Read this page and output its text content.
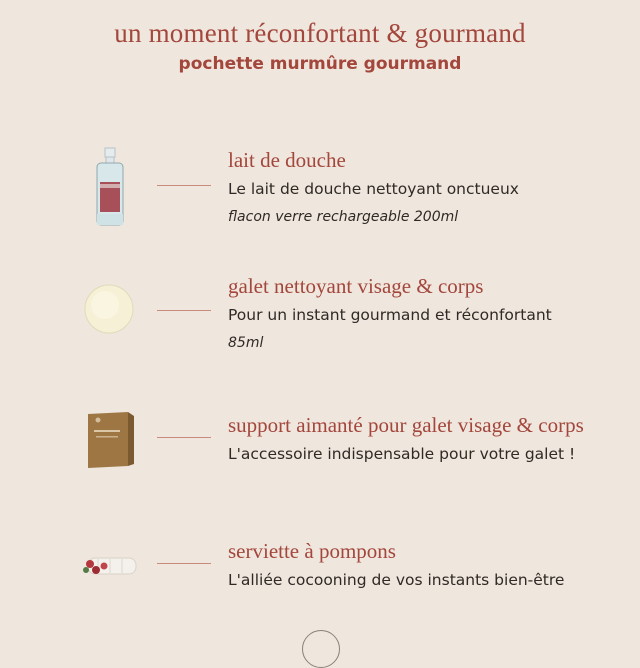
un moment réconfortant & gourmand
pochette murmûre gourmand
lait de douche
Le lait de douche nettoyant onctueux
flacon verre rechargeable 200ml
galet nettoyant visage & corps
Pour un instant gourmand et réconfortant
85ml
support aimanté pour galet visage & corps
L'accessoire indispensable pour votre galet !
serviette à pompons
L'alliée cocooning de vos instants bien-être
